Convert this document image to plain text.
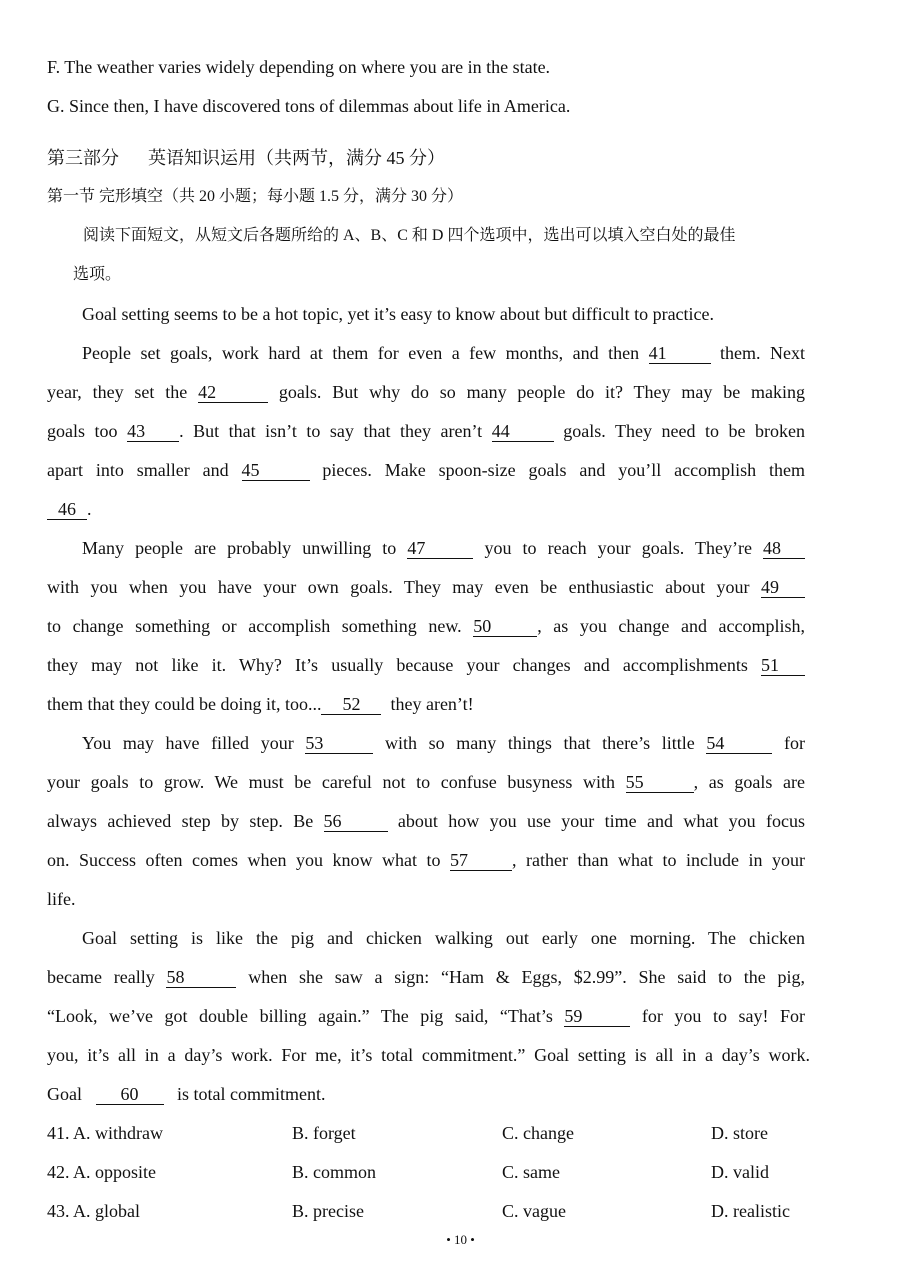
F. The weather varies widely depending on where you are in the state.
G. Since then, I have discovered tons of dilemmas about life in America.
第三部分 英语知识运用（共两节，满分 45 分）
第一节 完形填空（共 20 小题；每小题 1.5 分，满分 30 分）
阅读下面短文，从短文后各题所给的 A、B、C 和 D 四个选项中，选出可以填入空白处的最佳
选项。
Goal setting seems to be a hot topic, yet it’s easy to know about but difficult to practice.
People set goals, work hard at them for even a few months, and then 41	them. Next
year, they set the 42	goals. But why do so many people do it? They may be making
goals too 43 . But that isn’t to say that they aren’t 44	goals. They need to be broken
apart into smaller and 45	pieces. Make spoon-size goals and you’ll accomplish them
46 .
Many people are probably unwilling to 47	you to reach your goals. They’re 48
with you when you have your own goals. They may even be enthusiastic about your 49
to change something or accomplish something new. 50	, as you change and accomplish,
they may not like it. Why? It’s usually because your changes and accomplishments 51
them that they could be doing it, too... 52 they aren’t!
You may have filled your 53	with so many things that there’s little 54	for
your goals to grow. We must be careful not to confuse busyness with 55	, as goals are
always achieved step by step. Be 56	about how you use your time and what you focus
on. Success often comes when you know what to 57 , rather than what to include in your
life.
Goal setting is like the pig and chicken walking out early one morning. The chicken
became really 58	when she saw a sign: “Ham & Eggs, $2.99”. She said to the pig,
“Look, we’ve got double billing again.” The pig said, “That’s 59	for you to say! For
you, it’s all in a day’s work. For me, it’s total commitment.” Goal setting is all in a day’s work.
Goal 60 is total commitment.
41. A. withdraw	B. forget	C. change	D. store
42. A. opposite	B. common	C. same	D. valid
43. A. global	B. precise	C. vague	D. realistic
• 10 •
